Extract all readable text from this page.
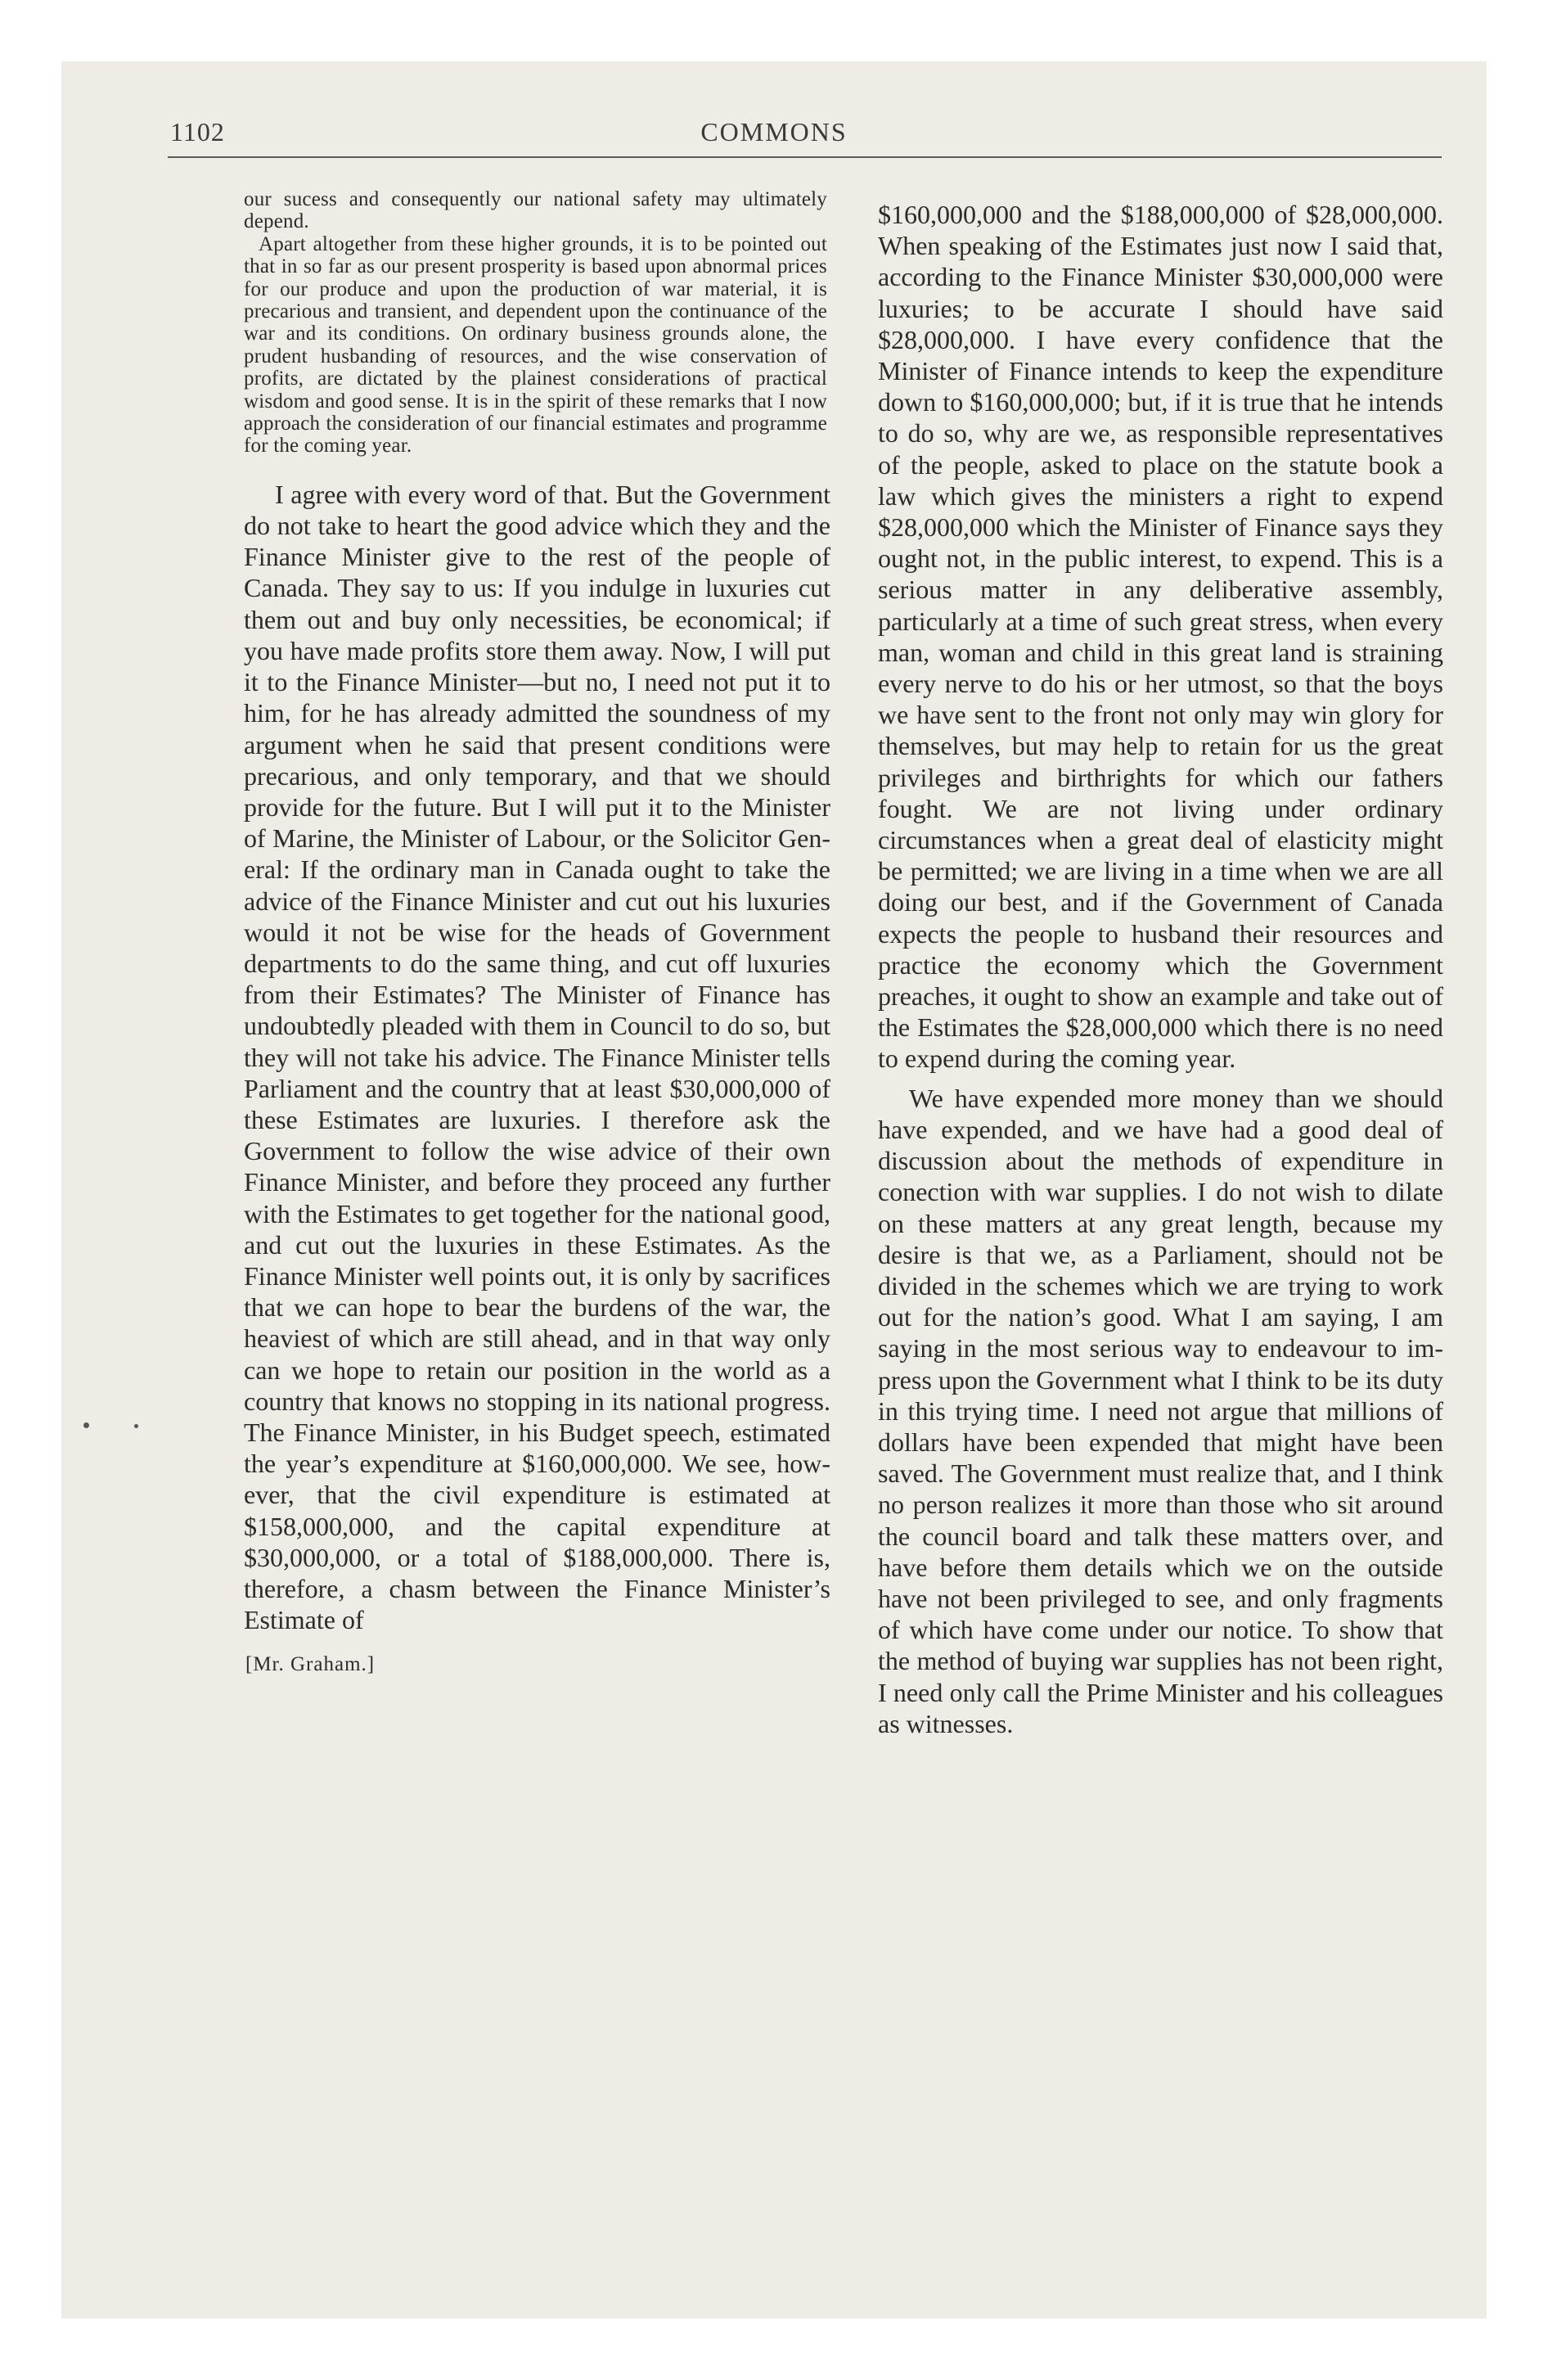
1102	COMMONS

our sucess and consequently our national safety may ultimately depend.

Apart altogether from these higher grounds, it is to be pointed out that in so far as our present prosperity is based upon abnormal prices for our produce and upon the production of war material, it is precarious and transient, and dependent upon the continuance of the war and its conditions. On ordinary business grounds alone, the prudent husbanding of resources, and the wise conservation of profits, are dictated by the plainest considerations of practical wisdom and good sense. It is in the spirit of these remarks that I now approach the consideration of our financial estimates and programme for the coming year.

I agree with every word of that. But the Government do not take to heart the good advice which they and the Finance Minister give to the rest of the people of Canada. They say to us: If you indulge in luxuries cut them out and buy only necessities, be economical; if you have made profits store them away. Now, I will put it to the Finance Minister—but no, I need not put it to him, for he has already admitted the soundness of my argument when he said that present conditions were precarious, and only temporary, and that we should provide for the future. But I will put it to the Minister of Marine, the Minister of Labour, or the Solicitor General: If the ordinary man in Canada ought to take the advice of the Finance Minister and cut out his luxuries would it not be wise for the heads of Government departments to do the same thing, and cut off luxuries from their Estimates? The Minister of Finance has undoubtedly pleaded with them in Council to do so, but they will not take his advice. The Finance Minister tells Parliament and the country that at least $30,000,000 of these Estimates are luxuries. I therefore ask the Government to follow the wise advice of their own Finance Minister, and before they proceed any further with the Estimates to get together for the national good, and cut out the luxuries in these Estimates. As the Finance Minister well points out, it is only by sacrifices that we can hope to bear the burdens of the war, the heaviest of which are still ahead, and in that way only can we hope to retain our position in the world as a country that knows no stopping in its national progress. The Finance Minister, in his Budget speech, estimated the year’s expenditure at $160,000,000. We see, however, that the civil expenditure is estimated at $158,000,000, and the capital expenditure at $30,000,000, or a total of $188,000,000. There is, therefore, a chasm between the Finance Minister’s Estimate of

[Mr. Graham.]

$160,000,000 and the $188,000,000 of $28,000,000. When speaking of the Estimates just now I said that, according to the Finance Minister $30,000,000 were luxuries; to be accurate I should have said $28,000,000. I have every confidence that the Minister of Finance intends to keep the expenditure down to $160,000,000; but, if it is true that he intends to do so, why are we, as responsible representatives of the people, asked to place on the statute book a law which gives the ministers a right to expend $28,000,000 which the Minister of Finance says they ought not, in the public interest, to expend. This is a serious matter in any deliberative assembly, particularly at a time of such great stress, when every man, woman and child in this great land is straining every nerve to do his or her utmost, so that the boys we have sent to the front not only may win glory for themselves, but may help to retain for us the great privileges and birthrights for which our fathers fought. We are not living under ordinary circumstances when a great deal of elasticity might be permitted; we are living in a time when we are all doing our best, and if the Government of Canada expects the people to husband their resources and practice the economy which the Government preaches, it ought to show an example and take out of the Estimates the $28,000,000 which there is no need to expend during the coming year.

We have expended more money than we should have expended, and we have had a good deal of discussion about the methods of expenditure in conection with war supplies. I do not wish to dilate on these matters at any great length, because my desire is that we, as a Parliament, should not be divided in the schemes which we are trying to work out for the nation’s good. What I am saying, I am saying in the most serious way to endeavour to impress upon the Government what I think to be its duty in this trying time. I need not argue that millions of dollars have been expended that might have been saved. The Government must realize that, and I think no person realizes it more than those who sit around the council board and talk these matters over, and have before them details which we on the outside have not been privileged to see, and only fragments of which have come under our notice. To show that the method of buying war supplies has not been right, I need only call the Prime Minister and his colleagues as witnesses.
